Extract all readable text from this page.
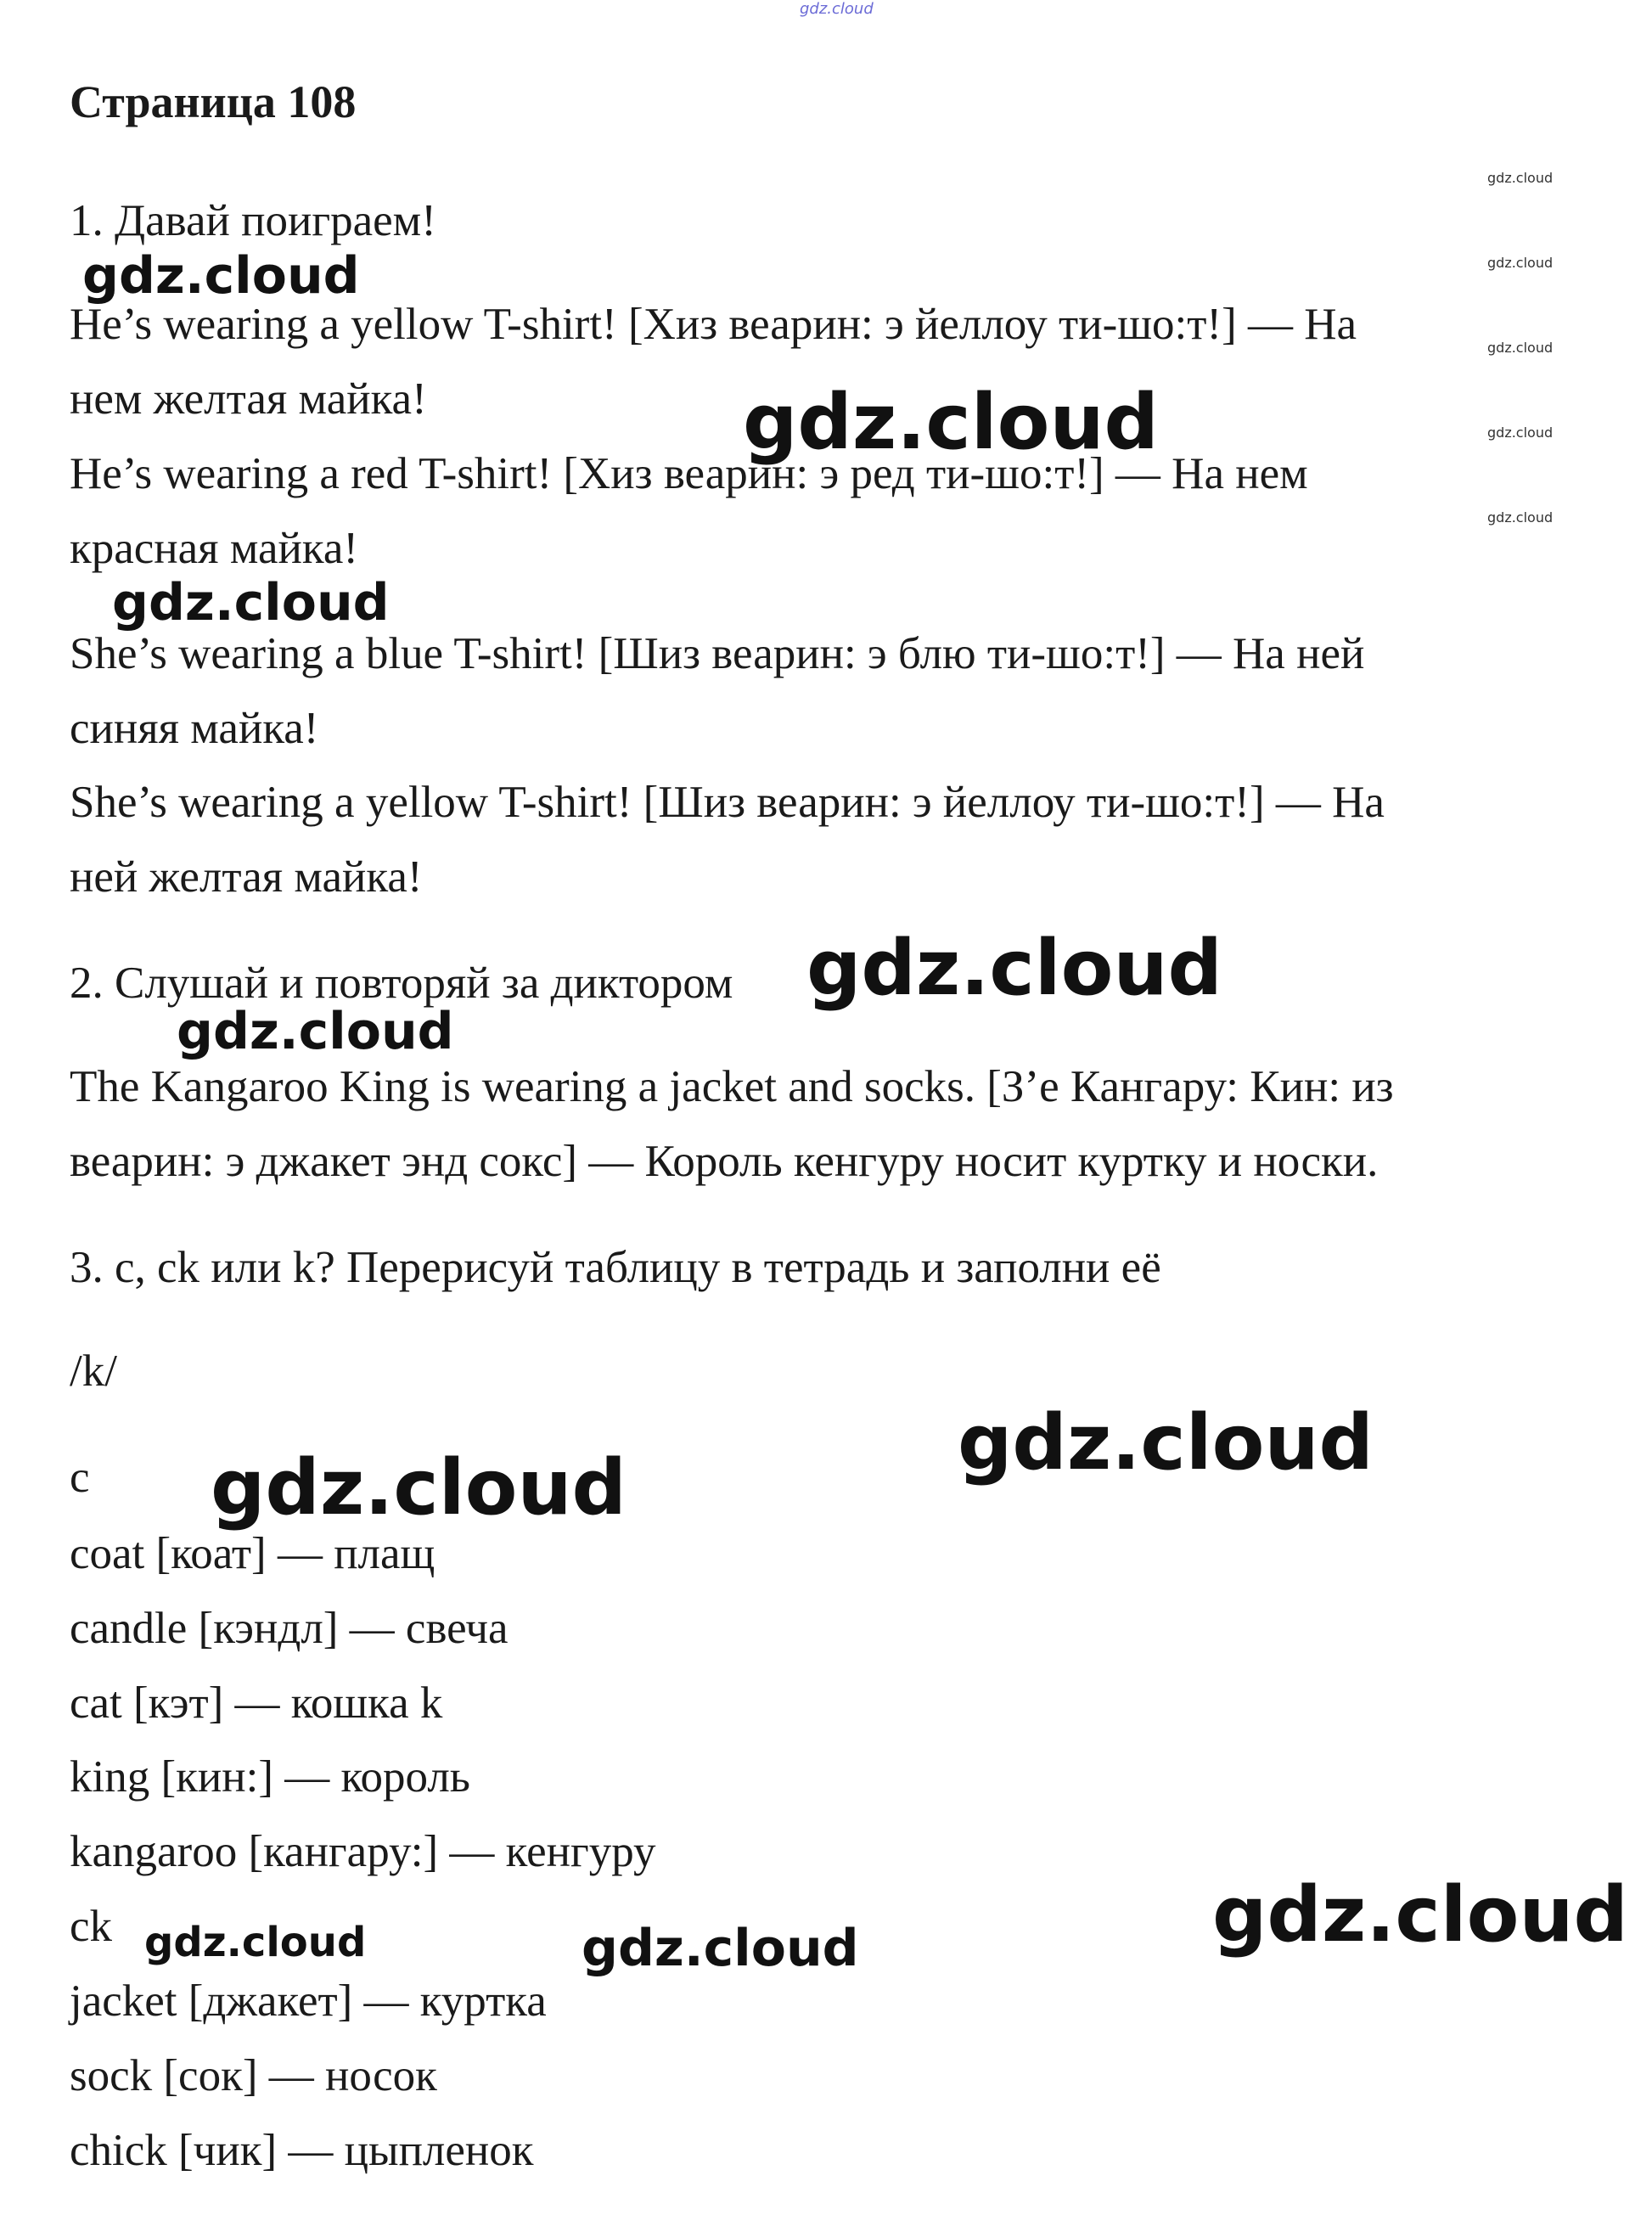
gdz.cloud

Страница 108

1. Давай поиграем!

He’s wearing a yellow T-shirt! [Хиз веарин: э йеллоу ти-шо:т!] — На

нем желтая майка!

He’s wearing a red T-shirt! [Хиз веарин: э ред ти-шо:т!] — На нем

красная майка!

She’s wearing a blue T-shirt! [Шиз веарин: э блю ти-шо:т!] — На ней

синяя майка!

She’s wearing a yellow T-shirt! [Шиз веарин: э йеллоу ти-шо:т!] — На

ней желтая майка!

2. Слушай и повторяй за диктором

The Kangaroo King is wearing a jacket and socks. [З’е Кангару: Кин: из

веарин: э джакет энд сокс] — Король кенгуру носит куртку и носки.

3. c, ck или k? Перерисуй таблицу в тетрадь и заполни её

/k/

c

coat [коат] — плащ

candle [кэндл] — свеча

cat [кэт] — кошка k

king [кин:] — король

kangaroo [кангару:] — кенгуру

ck

jacket [джакет] — куртка

sock [сок] — носок

chick [чик] — цыпленок

gdz.cloud

gdz.cloud

gdz.cloud

gdz.cloud

gdz.cloud

gdz.cloud

gdz.cloud

gdz.cloud

gdz.cloud

gdz.cloud

gdz.cloud

gdz.cloud

gdz.cloud

gdz.cloud	gdz.cloud
